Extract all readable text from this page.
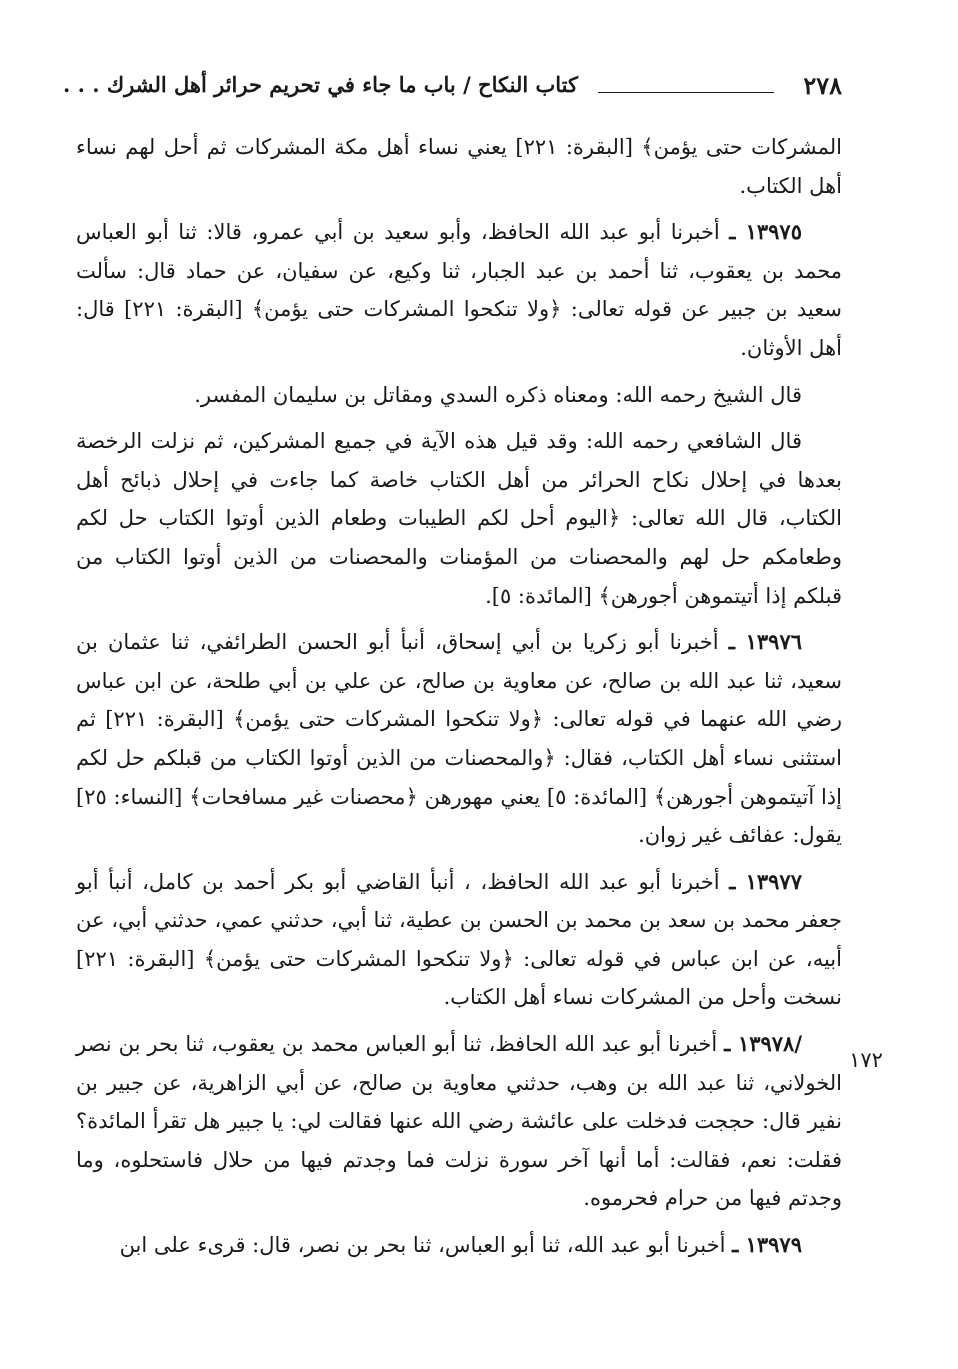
٢٧٨
كتاب النكاح / باب ما جاء في تحريم حرائر أهل الشرك . . .
١٧٢

المشركات حتى يؤمن﴾ [البقرة: ٢٢١] يعني نساء أهل مكة المشركات ثم أحل لهم نساء أهل الكتاب.

١٣٩٧٥ ـ أخبرنا أبو عبد الله الحافظ، وأبو سعيد بن أبي عمرو، قالا: ثنا أبو العباس محمد بن يعقوب، ثنا أحمد بن عبد الجبار، ثنا وكيع، عن سفيان، عن حماد قال: سألت سعيد بن جبير عن قوله تعالى: ﴿ولا تنكحوا المشركات حتى يؤمن﴾ [البقرة: ٢٢١] قال: أهل الأوثان.

قال الشيخ رحمه الله: ومعناه ذكره السدي ومقاتل بن سليمان المفسر.

قال الشافعي رحمه الله: وقد قيل هذه الآية في جميع المشركين، ثم نزلت الرخصة بعدها في إحلال نكاح الحرائر من أهل الكتاب خاصة كما جاءت في إحلال ذبائح أهل الكتاب، قال الله تعالى: ﴿اليوم أحل لكم الطيبات وطعام الذين أوتوا الكتاب حل لكم وطعامكم حل لهم والمحصنات من المؤمنات والمحصنات من الذين أوتوا الكتاب من قبلكم إذا أتيتموهن أجورهن﴾ [المائدة: ٥].

١٣٩٧٦ ـ أخبرنا أبو زكريا بن أبي إسحاق، أنبأ أبو الحسن الطرائفي، ثنا عثمان بن سعيد، ثنا عبد الله بن صالح، عن معاوية بن صالح، عن علي بن أبي طلحة، عن ابن عباس رضي الله عنهما في قوله تعالى: ﴿ولا تنكحوا المشركات حتى يؤمن﴾ [البقرة: ٢٢١] ثم استثنى نساء أهل الكتاب، فقال: ﴿والمحصنات من الذين أوتوا الكتاب من قبلكم حل لكم إذا آتيتموهن أجورهن﴾ [المائدة: ٥] يعني مهورهن ﴿محصنات غير مسافحات﴾ [النساء: ٢٥] يقول: عفائف غير زوان.

١٣٩٧٧ ـ أخبرنا أبو عبد الله الحافظ، ، أنبأ القاضي أبو بكر أحمد بن كامل، أنبأ أبو جعفر محمد بن سعد بن محمد بن الحسن بن عطية، ثنا أبي، حدثني عمي، حدثني أبي، عن أبيه، عن ابن عباس في قوله تعالى: ﴿ولا تنكحوا المشركات حتى يؤمن﴾ [البقرة: ٢٢١] نسخت وأحل من المشركات نساء أهل الكتاب.

/١٣٩٧٨ ـ أخبرنا أبو عبد الله الحافظ، ثنا أبو العباس محمد بن يعقوب، ثنا بحر بن نصر الخولاني، ثنا عبد الله بن وهب، حدثني معاوية بن صالح، عن أبي الزاهرية، عن جبير بن نفير قال: حججت فدخلت على عائشة رضي الله عنها فقالت لي: يا جبير هل تقرأ المائدة؟ فقلت: نعم، فقالت: أما أنها آخر سورة نزلت فما وجدتم فيها من حلال فاستحلوه، وما وجدتم فيها من حرام فحرموه.

١٣٩٧٩ ـ أخبرنا أبو عبد الله، ثنا أبو العباس، ثنا بحر بن نصر، قال: قرىء على ابن
